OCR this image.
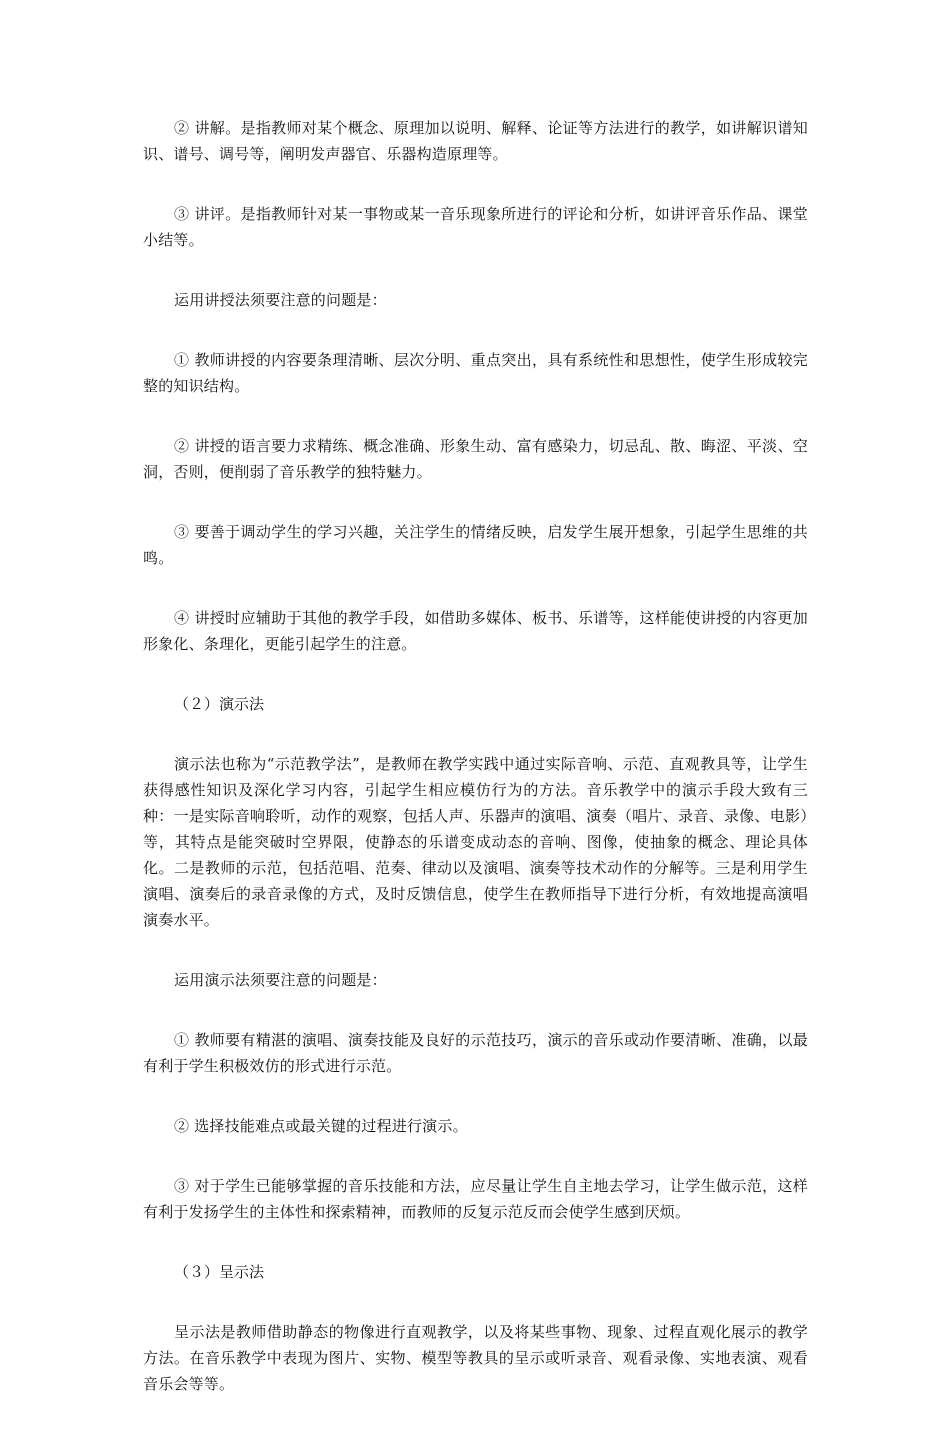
② 讲解。是指教师对某个概念、原理加以说明、解释、论证等方法进行的教学，如讲解识谱知识、谱号、调号等，阐明发声器官、乐器构造原理等。

③ 讲评。是指教师针对某一事物或某一音乐现象所进行的评论和分析，如讲评音乐作品、课堂小结等。

运用讲授法须要注意的问题是：

① 教师讲授的内容要条理清晰、层次分明、重点突出，具有系统性和思想性，使学生形成较完整的知识结构。

② 讲授的语言要力求精练、概念准确、形象生动、富有感染力，切忌乱、散、晦涩、平淡、空洞，否则，便削弱了音乐教学的独特魅力。

③ 要善于调动学生的学习兴趣，关注学生的情绪反映，启发学生展开想象，引起学生思维的共鸣。

④ 讲授时应辅助于其他的教学手段，如借助多媒体、板书、乐谱等，这样能使讲授的内容更加形象化、条理化，更能引起学生的注意。

（２）演示法

演示法也称为“示范教学法”，是教师在教学实践中通过实际音响、示范、直观教具等，让学生获得感性知识及深化学习内容，引起学生相应模仿行为的方法。音乐教学中的演示手段大致有三种：一是实际音响聆听，动作的观察，包括人声、乐器声的演唱、演奏（唱片、录音、录像、电影）等，其特点是能突破时空界限，使静态的乐谱变成动态的音响、图像，使抽象的概念、理论具体化。二是教师的示范，包括范唱、范奏、律动以及演唱、演奏等技术动作的分解等。三是利用学生演唱、演奏后的录音录像的方式，及时反馈信息，使学生在教师指导下进行分析，有效地提高演唱演奏水平。

运用演示法须要注意的问题是：

① 教师要有精湛的演唱、演奏技能及良好的示范技巧，演示的音乐或动作要清晰、准确，以最有利于学生积极效仿的形式进行示范。

② 选择技能难点或最关键的过程进行演示。

③ 对于学生已能够掌握的音乐技能和方法，应尽量让学生自主地去学习，让学生做示范，这样有利于发扬学生的主体性和探索精神，而教师的反复示范反而会使学生感到厌烦。

（３）呈示法

呈示法是教师借助静态的物像进行直观教学，以及将某些事物、现象、过程直观化展示的教学方法。在音乐教学中表现为图片、实物、模型等教具的呈示或听录音、观看录像、实地表演、观看音乐会等等。
